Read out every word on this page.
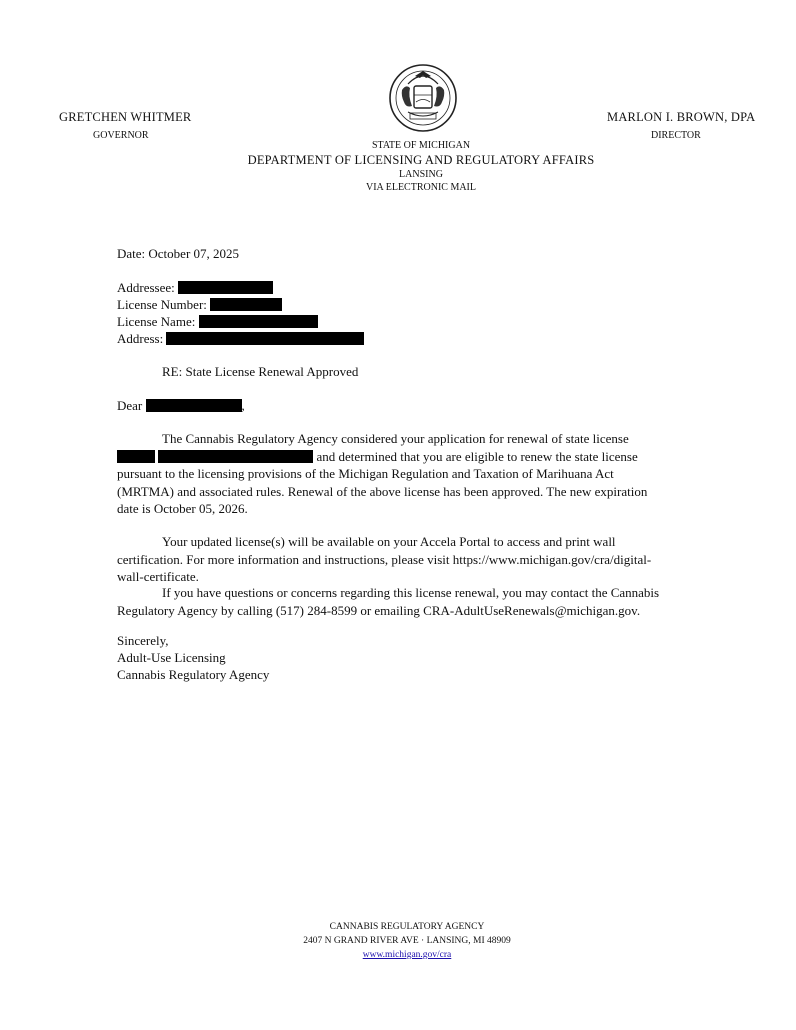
GRETCHEN WHITMER
GOVERNOR
MARLON I. BROWN, DPA
DIRECTOR
STATE OF MICHIGAN
DEPARTMENT OF LICENSING AND REGULATORY AFFAIRS
LANSING
VIA ELECTRONIC MAIL
Date: October 07, 2025
Addressee:
License Number:
License Name:
Address:
RE: State License Renewal Approved
Dear	,
The Cannabis Regulatory Agency considered your application for renewal of state license   and determined that you are eligible to renew the state license pursuant to the licensing provisions of the Michigan Regulation and Taxation of Marihuana Act (MRTMA) and associated rules. Renewal of the above license has been approved. The new expiration date is October 05, 2026.
Your updated license(s) will be available on your Accela Portal to access and print wall certification. For more information and instructions, please visit https://www.michigan.gov/cra/digital-wall-certificate.
If you have questions or concerns regarding this license renewal, you may contact the Cannabis Regulatory Agency by calling (517) 284-8599 or emailing CRA-AdultUseRenewals@michigan.gov.
Sincerely,
Adult-Use Licensing
Cannabis Regulatory Agency
CANNABIS REGULATORY AGENCY
2407 N GRAND RIVER AVE · LANSING, MI 48909
www.michigan.gov/cra
